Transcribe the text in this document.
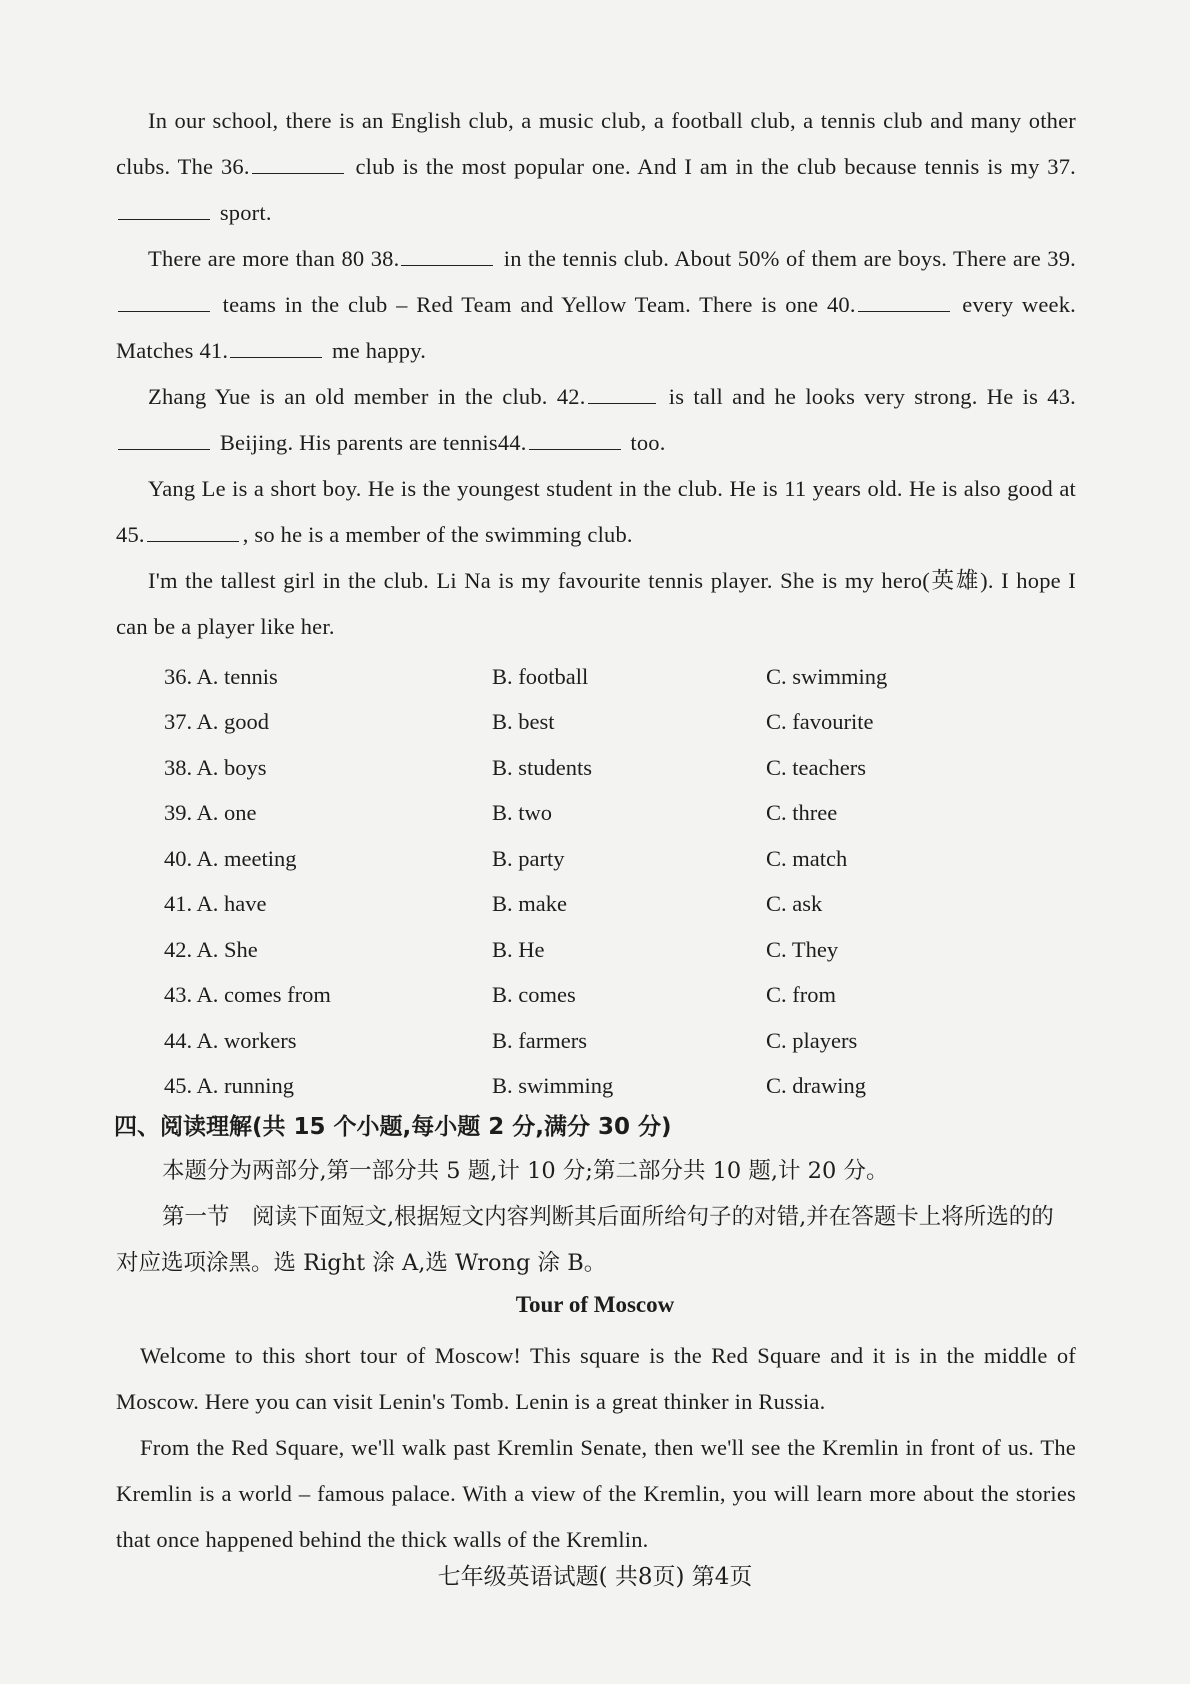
In our school, there is an English club, a music club, a football club, a tennis club and many other clubs. The 36.	club is the most popular one. And I am in the club because tennis is my 37. sport.

There are more than 80 38.	in the tennis club. About 50% of them are boys. There are 39. teams in the club – Red Team and Yellow Team. There is one 40.	every week. Matches 41.	me happy.

Zhang Yue is an old member in the club. 42.	is tall and he looks very strong. He is 43. Beijing. His parents are tennis44.	too.

Yang Le is a short boy. He is the youngest student in the club. He is 11 years old. He is also good at 45.	, so he is a member of the swimming club.

I'm the tallest girl in the club. Li Na is my favourite tennis player. She is my hero(英雄). I hope I can be a player like her.

36. A. tennis	B. football	C. swimming
37. A. good	B. best	C. favourite
38. A. boys	B. students	C. teachers
39. A. one	B. two	C. three
40. A. meeting	B. party	C. match
41. A. have	B. make	C. ask
42. A. She	B. He	C. They
43. A. comes from	B. comes	C. from
44. A. workers	B. farmers	C. players
45. A. running	B. swimming	C. drawing

四、阅读理解(共 15 个小题,每小题 2 分,满分 30 分)

本题分为两部分,第一部分共 5 题,计 10 分;第二部分共 10 题,计 20 分。

第一节　阅读下面短文,根据短文内容判断其后面所给句子的对错,并在答题卡上将所选的的对应选项涂黑。选 Right 涂 A,选 Wrong 涂 B。

Tour of Moscow

Welcome to this short tour of Moscow! This square is the Red Square and it is in the middle of Moscow. Here you can visit Lenin's Tomb. Lenin is a great thinker in Russia.

From the Red Square, we'll walk past Kremlin Senate, then we'll see the Kremlin in front of us. The Kremlin is a world – famous palace. With a view of the Kremlin, you will learn more about the stories that once happened behind the thick walls of the Kremlin.

七年级英语试题( 共8页) 第4页
